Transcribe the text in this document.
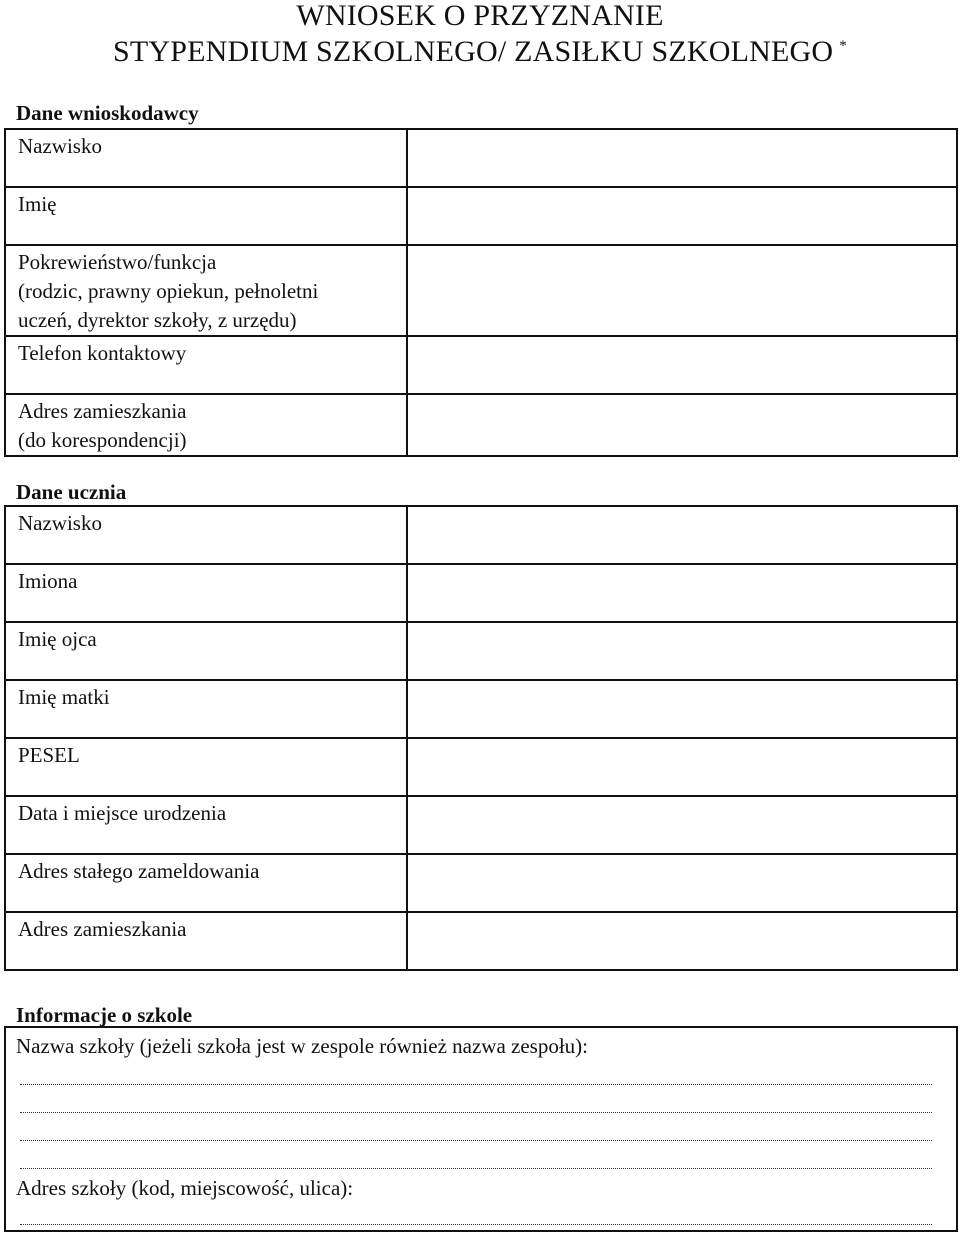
WNIOSEK O PRZYZNANIE
STYPENDIUM SZKOLNEGO/ ZASIŁKU SZKOLNEGO *
Dane wnioskodawcy
Nazwisko	
Imię	

Pokrewieństwo/funkcja
(rodzic, prawny opiekun, pełnoletni
uczeń, dyrektor szkoły, z urzędu)	

Telefon kontaktowy	

Adres zamieszkania
(do korespondencji)	

Dane ucznia
Nazwisko	
Imiona	
Imię ojca	
Imię matki	
PESEL	
Data i miejsce urodzenia	
Adres stałego zameldowania	
Adres zamieszkania	
Informacje o szkole
Nazwa szkoły (jeżeli szkoła jest w zespole również nazwa zespołu):
Adres szkoły (kod, miejscowość, ulica):
